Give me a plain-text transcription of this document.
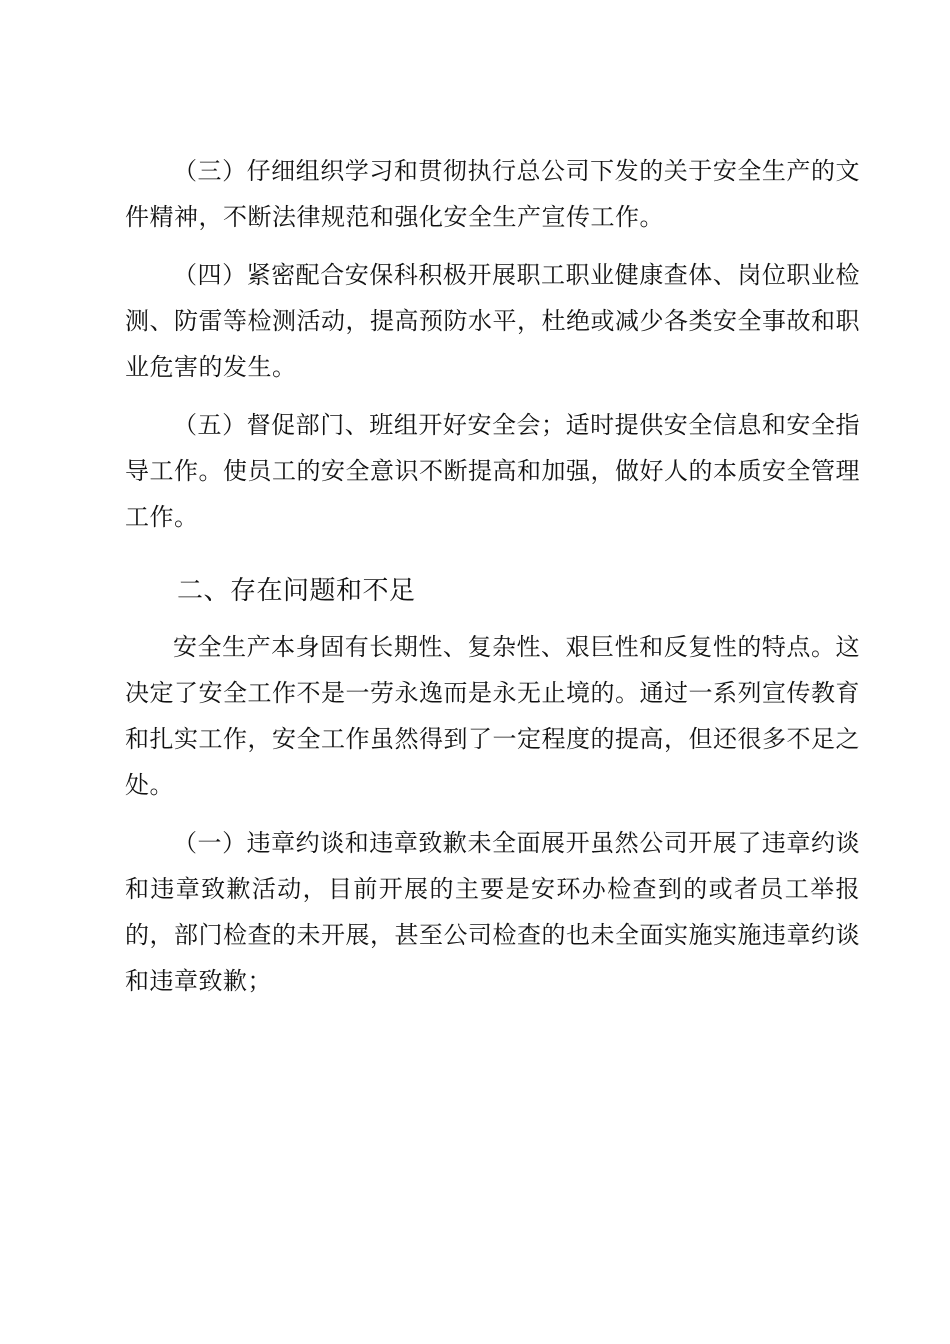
（三）仔细组织学习和贯彻执行总公司下发的关于安全生产的文件精神，不断法律规范和强化安全生产宣传工作。

（四）紧密配合安保科积极开展职工职业健康查体、岗位职业检测、防雷等检测活动，提高预防水平，杜绝或减少各类安全事故和职业危害的发生。

（五）督促部门、班组开好安全会；适时提供安全信息和安全指导工作。使员工的安全意识不断提高和加强，做好人的本质安全管理工作。

二、存在问题和不足

安全生产本身固有长期性、复杂性、艰巨性和反复性的特点。这决定了安全工作不是一劳永逸而是永无止境的。通过一系列宣传教育和扎实工作，安全工作虽然得到了一定程度的提高，但还很多不足之处。

（一）违章约谈和违章致歉未全面展开虽然公司开展了违章约谈和违章致歉活动，目前开展的主要是安环办检查到的或者员工举报的，部门检查的未开展，甚至公司检查的也未全面实施实施违章约谈和违章致歉；
